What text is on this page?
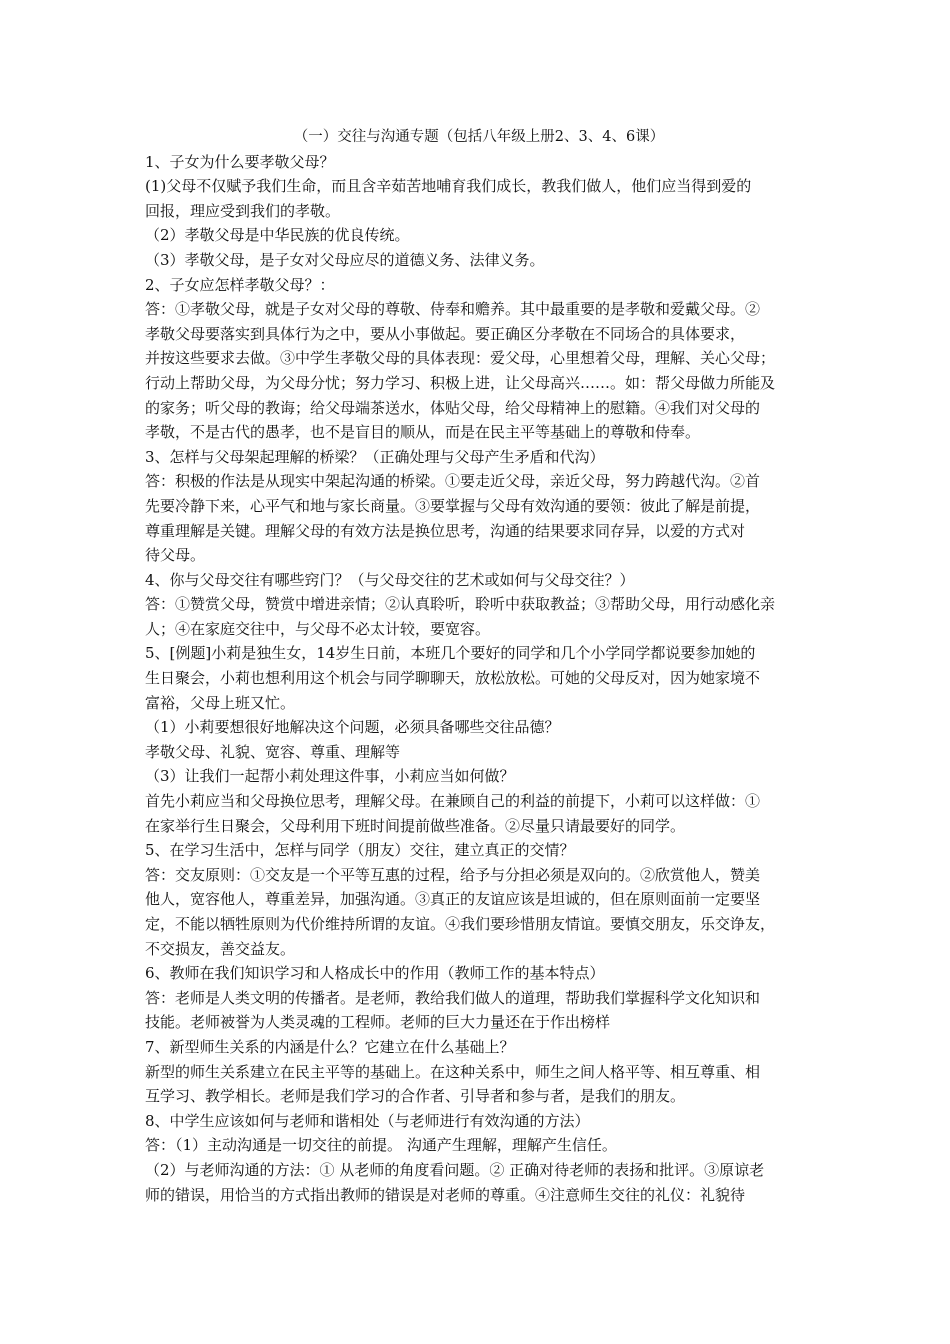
（一）交往与沟通专题（包括八年级上册2、3、4、6课）
1、子女为什么要孝敬父母？
(1)父母不仅赋予我们生命，而且含辛茹苦地哺育我们成长，教我们做人，他们应当得到爱的
回报，理应受到我们的孝敬。
（2）孝敬父母是中华民族的优良传统。
（3）孝敬父母，是子女对父母应尽的道德义务、法律义务。
2、子女应怎样孝敬父母？：
答：①孝敬父母，就是子女对父母的尊敬、侍奉和赡养。其中最重要的是孝敬和爱戴父母。②
孝敬父母要落实到具体行为之中，要从小事做起。要正确区分孝敬在不同场合的具体要求，
并按这些要求去做。③中学生孝敬父母的具体表现：爱父母，心里想着父母，理解、关心父母；
行动上帮助父母，为父母分忧；努力学习、积极上进，让父母高兴……。如：帮父母做力所能及
的家务；听父母的教诲；给父母端茶送水，体贴父母，给父母精神上的慰籍。④我们对父母的
孝敬，不是古代的愚孝，也不是盲目的顺从，而是在民主平等基础上的尊敬和侍奉。
3、怎样与父母架起理解的桥梁？（正确处理与父母产生矛盾和代沟）
答：积极的作法是从现实中架起沟通的桥梁。①要走近父母，亲近父母，努力跨越代沟。②首
先要冷静下来，心平气和地与家长商量。③要掌握与父母有效沟通的要领：彼此了解是前提，
尊重理解是关键。理解父母的有效方法是换位思考，沟通的结果要求同存异，以爱的方式对
待父母。
4、你与父母交往有哪些窍门？（与父母交往的艺术或如何与父母交往？）
答：①赞赏父母，赞赏中增进亲情；②认真聆听，聆听中获取教益；③帮助父母，用行动感化亲
人；④在家庭交往中，与父母不必太计较，要宽容。
5、[例题]小莉是独生女，14岁生日前，本班几个要好的同学和几个小学同学都说要参加她的
生日聚会，小莉也想利用这个机会与同学聊聊天，放松放松。可她的父母反对，因为她家境不
富裕，父母上班又忙。
（1）小莉要想很好地解决这个问题，必须具备哪些交往品德？
孝敬父母、礼貌、宽容、尊重、理解等
（3）让我们一起帮小莉处理这件事，小莉应当如何做？
首先小莉应当和父母换位思考，理解父母。在兼顾自己的利益的前提下，小莉可以这样做：①
在家举行生日聚会，父母利用下班时间提前做些准备。②尽量只请最要好的同学。
5、在学习生活中，怎样与同学（朋友）交往，建立真正的交情？
答：交友原则：①交友是一个平等互惠的过程，给予与分担必须是双向的。②欣赏他人，赞美
他人，宽容他人，尊重差异，加强沟通。③真正的友谊应该是坦诚的，但在原则面前一定要坚
定，不能以牺牲原则为代价维持所谓的友谊。④我们要珍惜朋友情谊。要慎交朋友，乐交诤友，
不交损友，善交益友。
6、教师在我们知识学习和人格成长中的作用（教师工作的基本特点）
答：老师是人类文明的传播者。是老师，教给我们做人的道理，帮助我们掌握科学文化知识和
技能。老师被誉为人类灵魂的工程师。老师的巨大力量还在于作出榜样
7、新型师生关系的内涵是什么？它建立在什么基础上？
新型的师生关系建立在民主平等的基础上。在这种关系中，师生之间人格平等、相互尊重、相
互学习、教学相长。老师是我们学习的合作者、引导者和参与者，是我们的朋友。
8、中学生应该如何与老师和谐相处（与老师进行有效沟通的方法）
答：（1）主动沟通是一切交往的前提。 沟通产生理解，理解产生信任。
（2）与老师沟通的方法：① 从老师的角度看问题。② 正确对待老师的表扬和批评。③原谅老
师的错误，用恰当的方式指出教师的错误是对老师的尊重。④注意师生交往的礼仪：礼貌待
